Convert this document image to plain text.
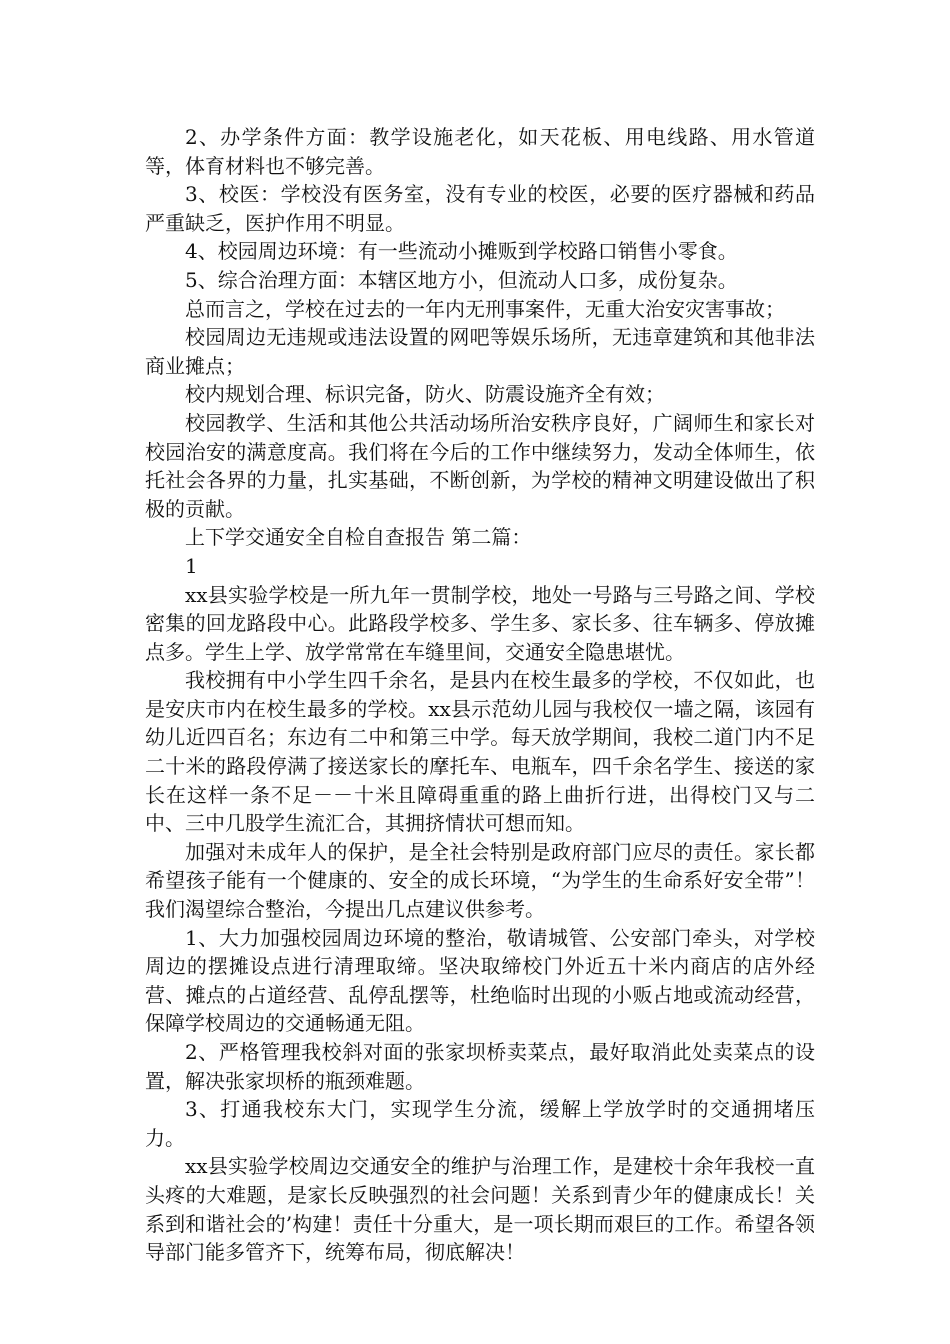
2、办学条件方面：教学设施老化，如天花板、用电线路、用水管道等，体育材料也不够完善。

3、校医：学校没有医务室，没有专业的校医，必要的医疗器械和药品严重缺乏，医护作用不明显。

4、校园周边环境：有一些流动小摊贩到学校路口销售小零食。

5、综合治理方面：本辖区地方小，但流动人口多，成份复杂。

总而言之，学校在过去的一年内无刑事案件，无重大治安灾害事故；

校园周边无违规或违法设置的网吧等娱乐场所，无违章建筑和其他非法商业摊点；

校内规划合理、标识完备，防火、防震设施齐全有效；

校园教学、生活和其他公共活动场所治安秩序良好，广阔师生和家长对校园治安的满意度高。我们将在今后的工作中继续努力，发动全体师生，依托社会各界的力量，扎实基础，不断创新，为学校的精神文明建设做出了积极的贡献。

上下学交通安全自检自查报告 第二篇：

1

xx县实验学校是一所九年一贯制学校，地处一号路与三号路之间、学校密集的回龙路段中心。此路段学校多、学生多、家长多、往车辆多、停放摊点多。学生上学、放学常常在车缝里间，交通安全隐患堪忧。

我校拥有中小学生四千余名，是县内在校生最多的学校，不仅如此，也是安庆市内在校生最多的学校。xx县示范幼儿园与我校仅一墙之隔，该园有幼儿近四百名；东边有二中和第三中学。每天放学期间，我校二道门内不足二十米的路段停满了接送家长的摩托车、电瓶车，四千余名学生、接送的家长在这样一条不足－－十米且障碍重重的路上曲折行进，出得校门又与二中、三中几股学生流汇合，其拥挤情状可想而知。

加强对未成年人的保护，是全社会特别是政府部门应尽的责任。家长都希望孩子能有一个健康的、安全的成长环境，“为学生的生命系好安全带”！我们渴望综合整治，今提出几点建议供参考。

1、大力加强校园周边环境的整治，敬请城管、公安部门牵头，对学校周边的摆摊设点进行清理取缔。坚决取缔校门外近五十米内商店的店外经营、摊点的占道经营、乱停乱摆等，杜绝临时出现的小贩占地或流动经营，保障学校周边的交通畅通无阻。

2、严格管理我校斜对面的张家坝桥卖菜点，最好取消此处卖菜点的设置，解决张家坝桥的瓶颈难题。

3、打通我校东大门，实现学生分流，缓解上学放学时的交通拥堵压力。

xx县实验学校周边交通安全的维护与治理工作，是建校十余年我校一直头疼的大难题，是家长反映强烈的社会问题！关系到青少年的健康成长！关系到和谐社会的’构建！责任十分重大，是一项长期而艰巨的工作。希望各领导部门能多管齐下，统筹布局，彻底解决！
